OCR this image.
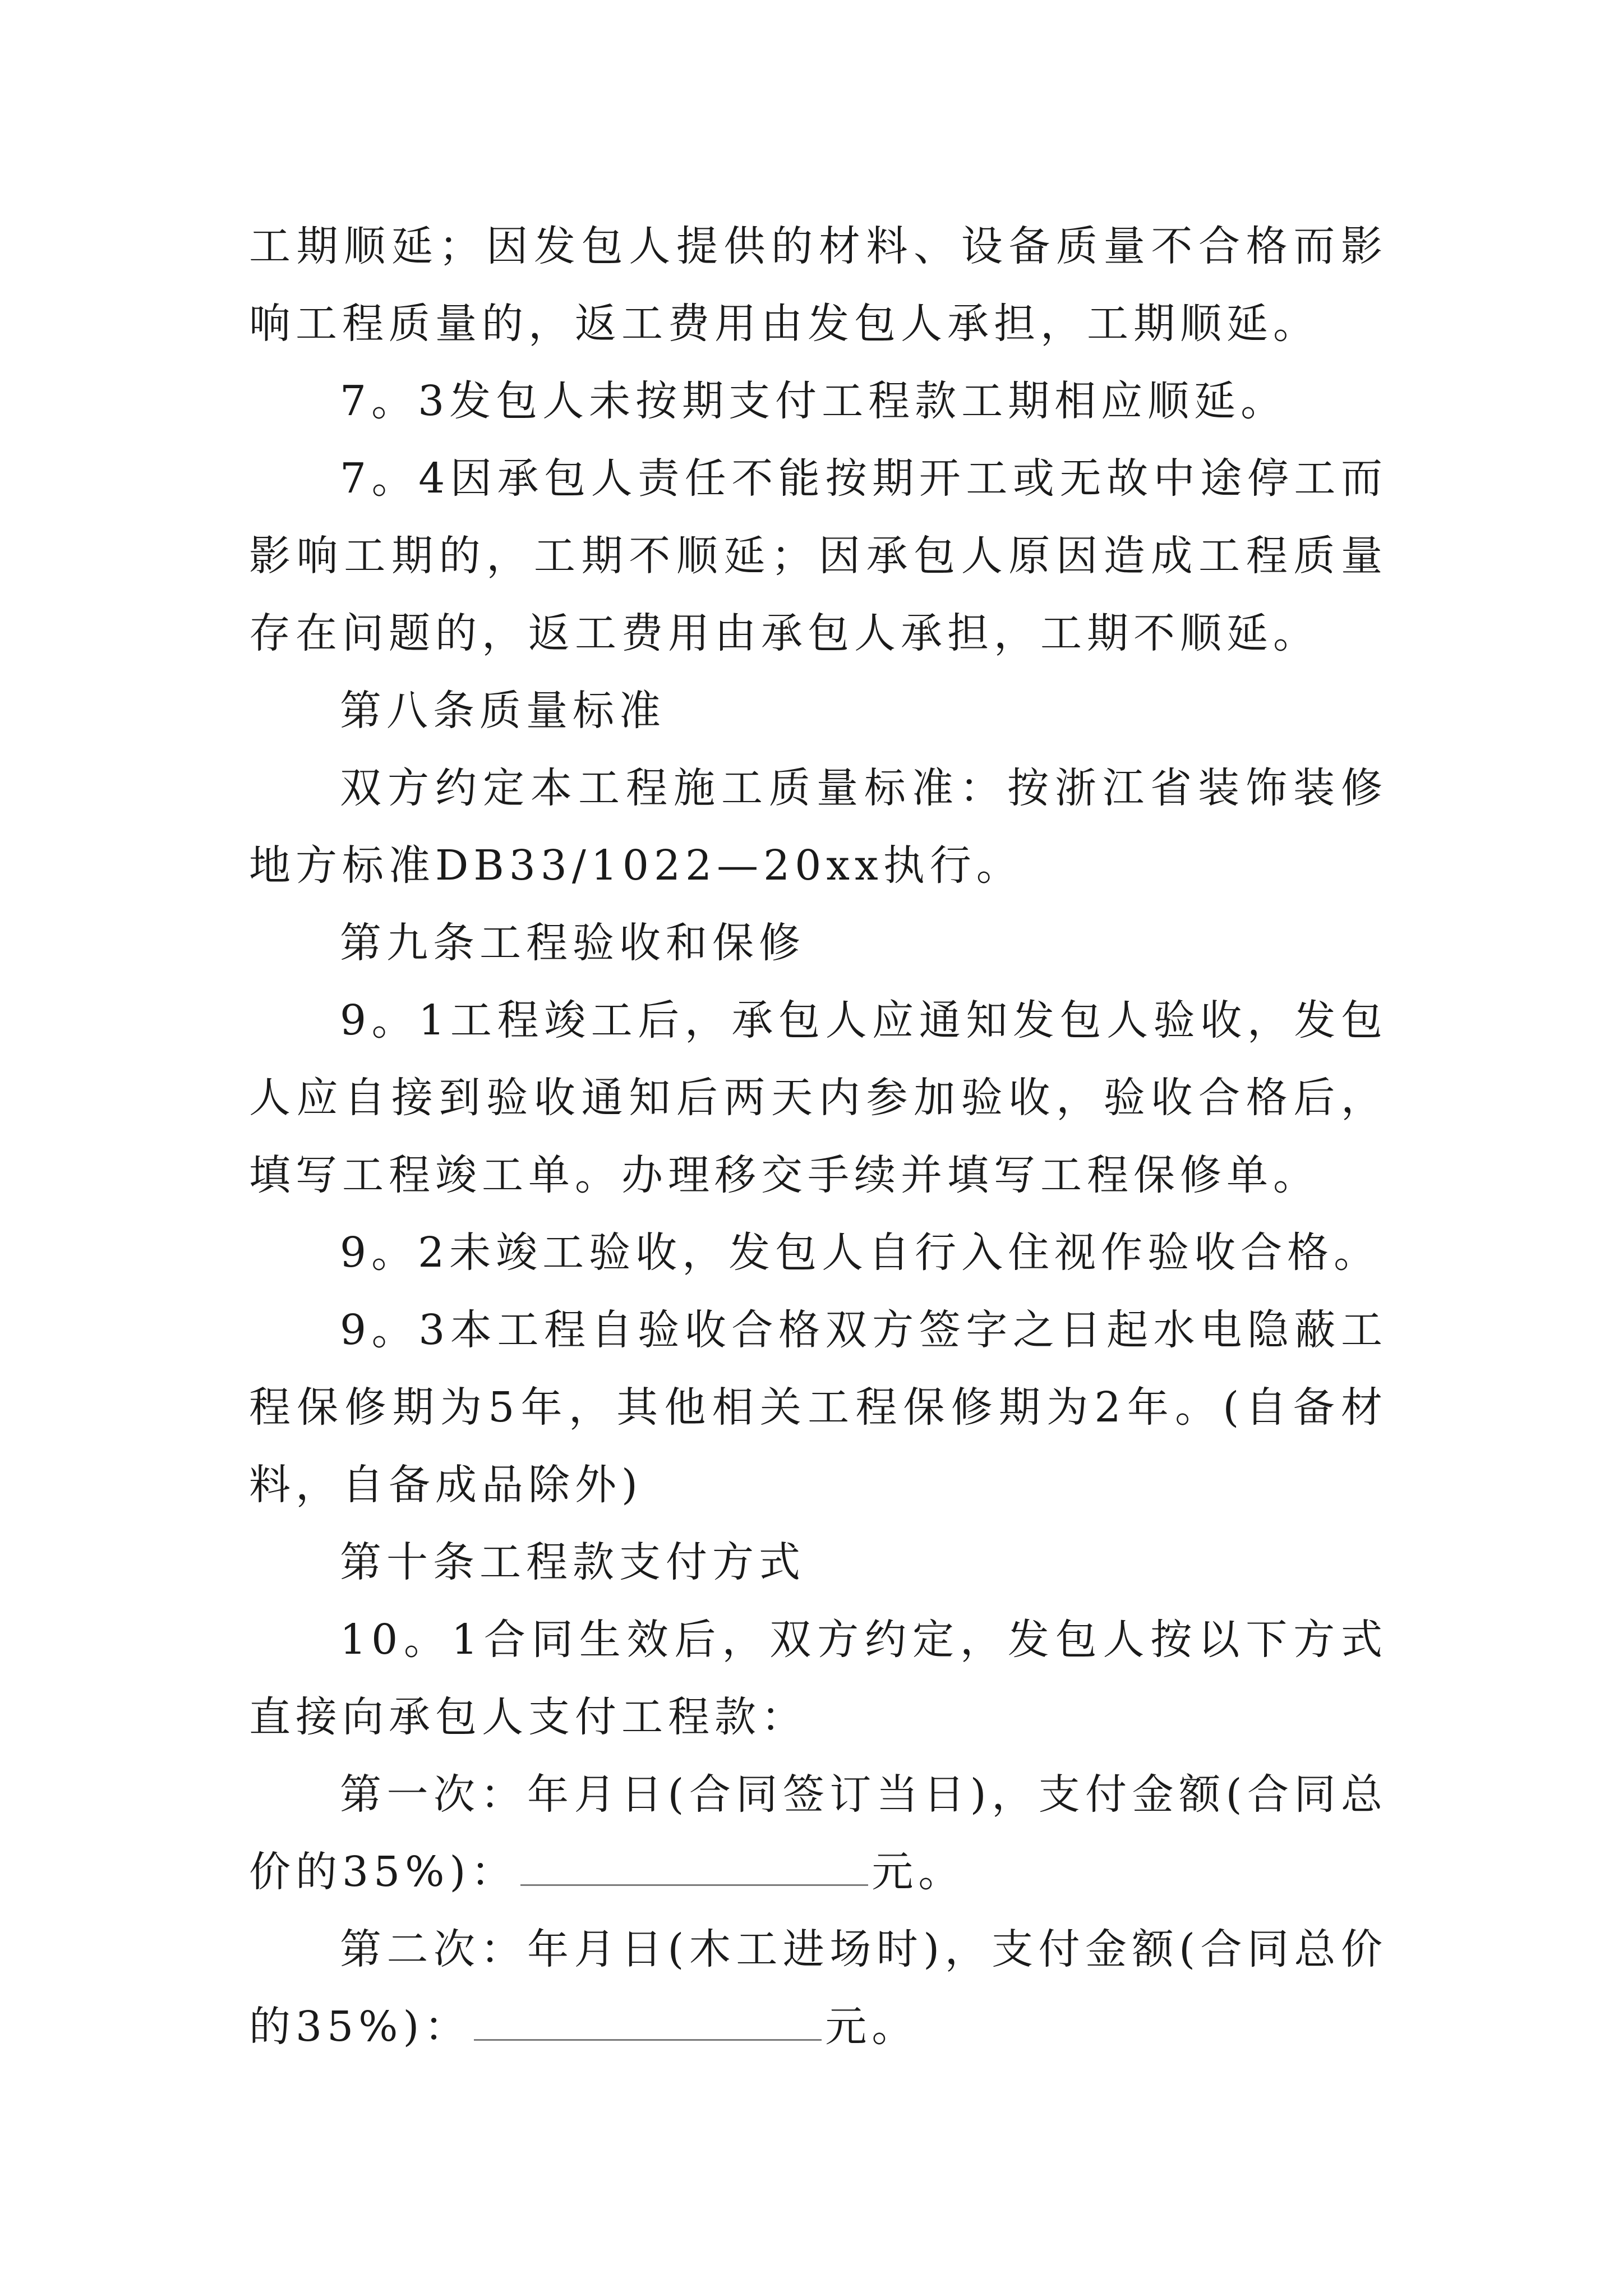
工期顺延；因发包人提供的材料、设备质量不合格而影响工程质量的，返工费用由发包人承担，工期顺延。

7。3发包人未按期支付工程款工期相应顺延。

7。4因承包人责任不能按期开工或无故中途停工而影响工期的，工期不顺延；因承包人原因造成工程质量存在问题的，返工费用由承包人承担，工期不顺延。

第八条质量标准

双方约定本工程施工质量标准：按浙江省装饰装修地方标准DB33/1022—20xx执行。

第九条工程验收和保修

9。1工程竣工后，承包人应通知发包人验收，发包人应自接到验收通知后两天内参加验收，验收合格后，填写工程竣工单。办理移交手续并填写工程保修单。

9。2未竣工验收，发包人自行入住视作验收合格。

9。3本工程自验收合格双方签字之日起水电隐蔽工程保修期为5年，其他相关工程保修期为2年。(自备材料，自备成品除外)

第十条工程款支付方式

10。1合同生效后，双方约定，发包人按以下方式直接向承包人支付工程款：

第一次：年月日(合同签订当日)，支付金额(合同总价的35%)：	元。

第二次：年月日(木工进场时)，支付金额(合同总价的35%)：	元。
